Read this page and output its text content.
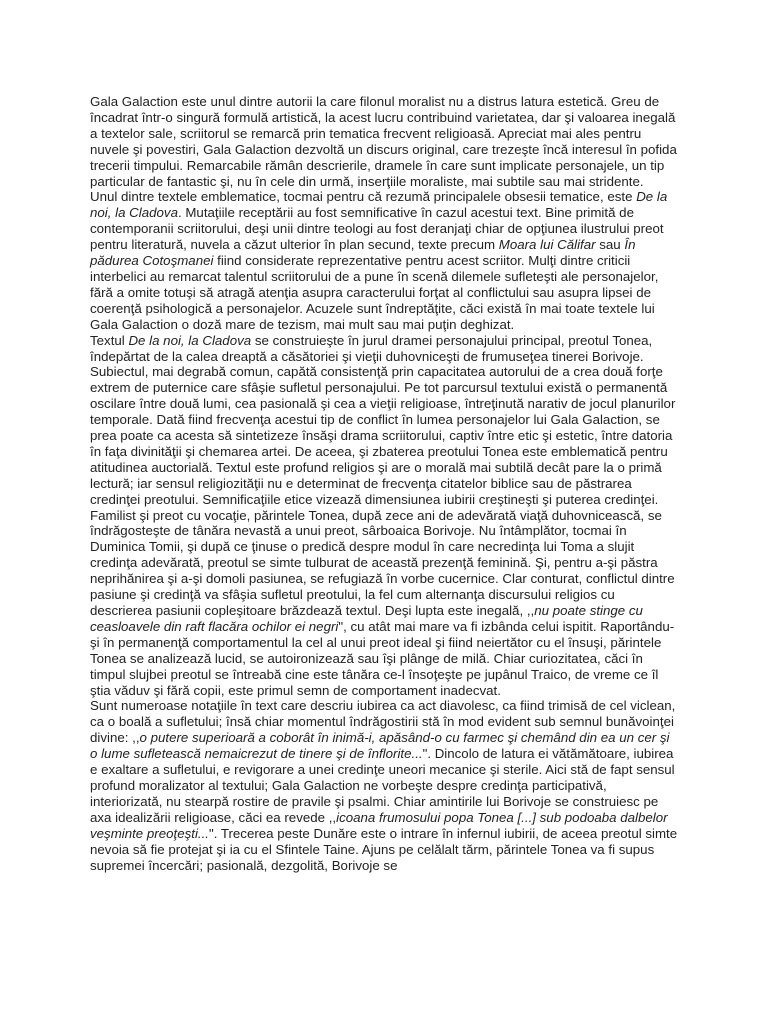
Gala Galaction este unul dintre autorii la care filonul moralist nu a distrus latura estetică. Greu de încadrat într-o singură formulă artistică, la acest lucru contribuind varietatea, dar şi valoarea inegală a textelor sale, scriitorul se remarcă prin tematica frecvent religioasă. Apreciat mai ales pentru nuvele şi povestiri, Gala Galaction dezvoltă un discurs original, care trezeşte încă interesul în pofida trecerii timpului. Remarcabile rămân descrierile, dramele în care sunt implicate personajele, un tip particular de fantastic şi, nu în cele din urmă, inserţiile moraliste, mai subtile sau mai stridente.

Unul dintre textele emblematice, tocmai pentru că rezumă principalele obsesii tematice, este De la noi, la Cladova. Mutaţiile receptării au fost semnificative în cazul acestui text. Bine primită de contemporanii scriitorului, deşi unii dintre teologi au fost deranjaţi chiar de opţiunea ilustrului preot pentru literatură, nuvela a căzut ulterior în plan secund, texte precum Moara lui Călifar sau În pădurea Cotoşmanei fiind considerate reprezentative pentru acest scriitor. Mulţi dintre criticii interbelici au remarcat talentul scriitorului de a pune în scenă dilemele sufleteşti ale personajelor, fără a omite totuşi să atragă atenţia asupra caracterului forţat al conflictului sau asupra lipsei de coerenţă psihologică a personajelor. Acuzele sunt îndreptăţite, căci există în mai toate textele lui Gala Galaction o doză mare de tezism, mai mult sau mai puţin deghizat.

Textul De la noi, la Cladova se construieşte în jurul dramei personajului principal, preotul Tonea, îndepărtat de la calea dreaptă a căsătoriei şi vieţii duhovniceşti de frumuseţea tinerei Borivoje. Subiectul, mai degrabă comun, capătă consistenţă prin capacitatea autorului de a crea două forţe extrem de puternice care sfâşie sufletul personajului. Pe tot parcursul textului există o permanentă oscilare între două lumi, cea pasională şi cea a vieţii religioase, întreţinută narativ de jocul planurilor temporale. Dată fiind frecvenţa acestui tip de conflict în lumea personajelor lui Gala Galaction, se prea poate ca acesta să sintetizeze însăşi drama scriitorului, captiv între etic şi estetic, între datoria în faţa divinităţii şi chemarea artei. De aceea, şi zbaterea preotului Tonea este emblematică pentru atitudinea auctorială. Textul este profund religios şi are o morală mai subtilă decât pare la o primă lectură; iar sensul religiozităţii nu e determinat de frecvenţa citatelor biblice sau de păstrarea credinţei preotului. Semnificaţiile etice vizează dimensiunea iubirii creştineşti şi puterea credinţei.

Familist şi preot cu vocaţie, părintele Tonea, după zece ani de adevărată viaţă duhovnicească, se îndrăgosteşte de tânăra nevastă a unui preot, sârboaica Borivoje. Nu întâmplător, tocmai în Duminica Tomii, şi după ce ţinuse o predică despre modul în care necredinţa lui Toma a slujit credinţa adevărată, preotul se simte tulburat de această prezenţă feminină. Şi, pentru a-şi păstra neprihănirea şi a-şi domoli pasiunea, se refugiază în vorbe cucernice. Clar conturat, conflictul dintre pasiune şi credinţă va sfâşia sufletul preotului, la fel cum alternanţa discursului religios cu descrierea pasiunii copleşitoare brăzdează textul. Deşi lupta este inegală, ,,nu poate stinge cu ceasloavele din raft flacăra ochilor ei negri", cu atât mai mare va fi izbânda celui ispitit. Raportându-şi în permanenţă comportamentul la cel al unui preot ideal şi fiind neiertător cu el însuşi, părintele Tonea se analizează lucid, se autoironizează sau îşi plânge de milă. Chiar curiozitatea, căci în timpul slujbei preotul se întreabă cine este tânăra ce-l însoţeşte pe jupânul Traico, de vreme ce îl ştia văduv şi fără copii, este primul semn de comportament inadecvat.

Sunt numeroase notaţiile în text care descriu iubirea ca act diavolesc, ca fiind trimisă de cel viclean, ca o boală a sufletului; însă chiar momentul îndrăgostirii stă în mod evident sub semnul bunăvoinţei divine: ,,o putere superioară a coborât în inimă-i, apăsând-o cu farmec şi chemând din ea un cer şi o lume sufletească nemaicrezut de tinere şi de înflorite...". Dincolo de latura ei vătămătoare, iubirea e exaltare a sufletului, e revigorare a unei credinţe uneori mecanice şi sterile. Aici stă de fapt sensul profund moralizator al textului; Gala Galaction ne vorbeşte despre credinţa participativă, interiorizată, nu stearpă rostire de pravile şi psalmi. Chiar amintirile lui Borivoje se construiesc pe axa idealizării religioase, căci ea revede ,,icoana frumosului popa Tonea [...] sub podoaba dalbelor veşminte preoţeşti...". Trecerea peste Dunăre este o intrare în infernul iubirii, de aceea preotul simte nevoia să fie protejat şi ia cu el Sfintele Taine. Ajuns pe celălalt tărm, părintele Tonea va fi supus supremei încercări; pasională, dezgolită, Borivoje se
